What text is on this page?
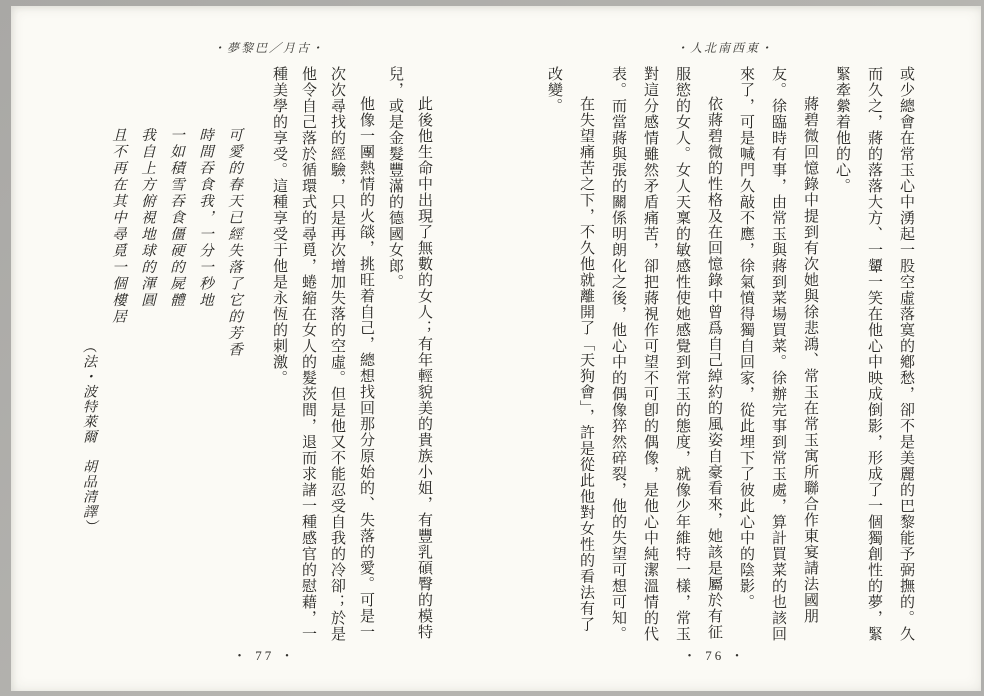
・人北南西東・

或少總會在常玉心中湧起一股空虛落寞的鄕愁，卻不是美麗的巴黎能予弼撫的。久

而久之，蔣的落落大方、一顰一笑在他心中映成倒影，形成了一個獨創性的夢，緊

緊牽縈着他的心。

蔣碧微回憶錄中提到有次她與徐悲鴻、常玉在常玉寓所聯合作東宴請法國朋

友。徐臨時有事，由常玉與蔣到菜場買菜。徐辦完事到常玉處，算計買菜的也該回

來了，可是喊門久敲不應，徐氣憤得獨自回家，從此埋下了彼此心中的陰影。

依蔣碧微的性格及在回憶錄中曾爲自己綽約的風姿自豪看來，她該是屬於有征

服慾的女人。女人天稟的敏感性使她感覺到常玉的態度，就像少年維特一樣，常玉

對這分感情雖然矛盾痛苦，卻把蔣視作可望不可卽的偶像，是他心中純潔溫情的代

表。而當蔣與張的關係明朗化之後，他心中的偶像猝然碎裂，他的失望可想可知。

在失望痛苦之下，不久他就離開了「天狗會」，許是從此他對女性的看法有了

改變。

・ 76 ・
・夢黎巴／月古・

此後他生命中出現了無數的女人；有年輕貌美的貴族小姐，有豐乳碩臀的模特

兒，或是金髮豐滿的德國女郎。

他像一團熱情的火燄，挑旺着自己，總想找回那分原始的、失落的愛。可是一

次次尋找的經驗，只是再次增加失落的空虛。但是他又不能忍受自我的冷卻；於是

他令自己落於循環式的尋覓，蜷縮在女人的髮茨間，退而求諸一種感官的慰藉，一

種美學的享受。這種享受于他是永恆的刺激。

可愛的春天已經失落了它的芳香

時間吞食我，一分一秒地

一如積雪吞食僵硬的屍體

我自上方俯視地球的渾圓

且不再在其中尋覓一個樓居

（法・波特萊爾　胡品清譯）

・ 77 ・
